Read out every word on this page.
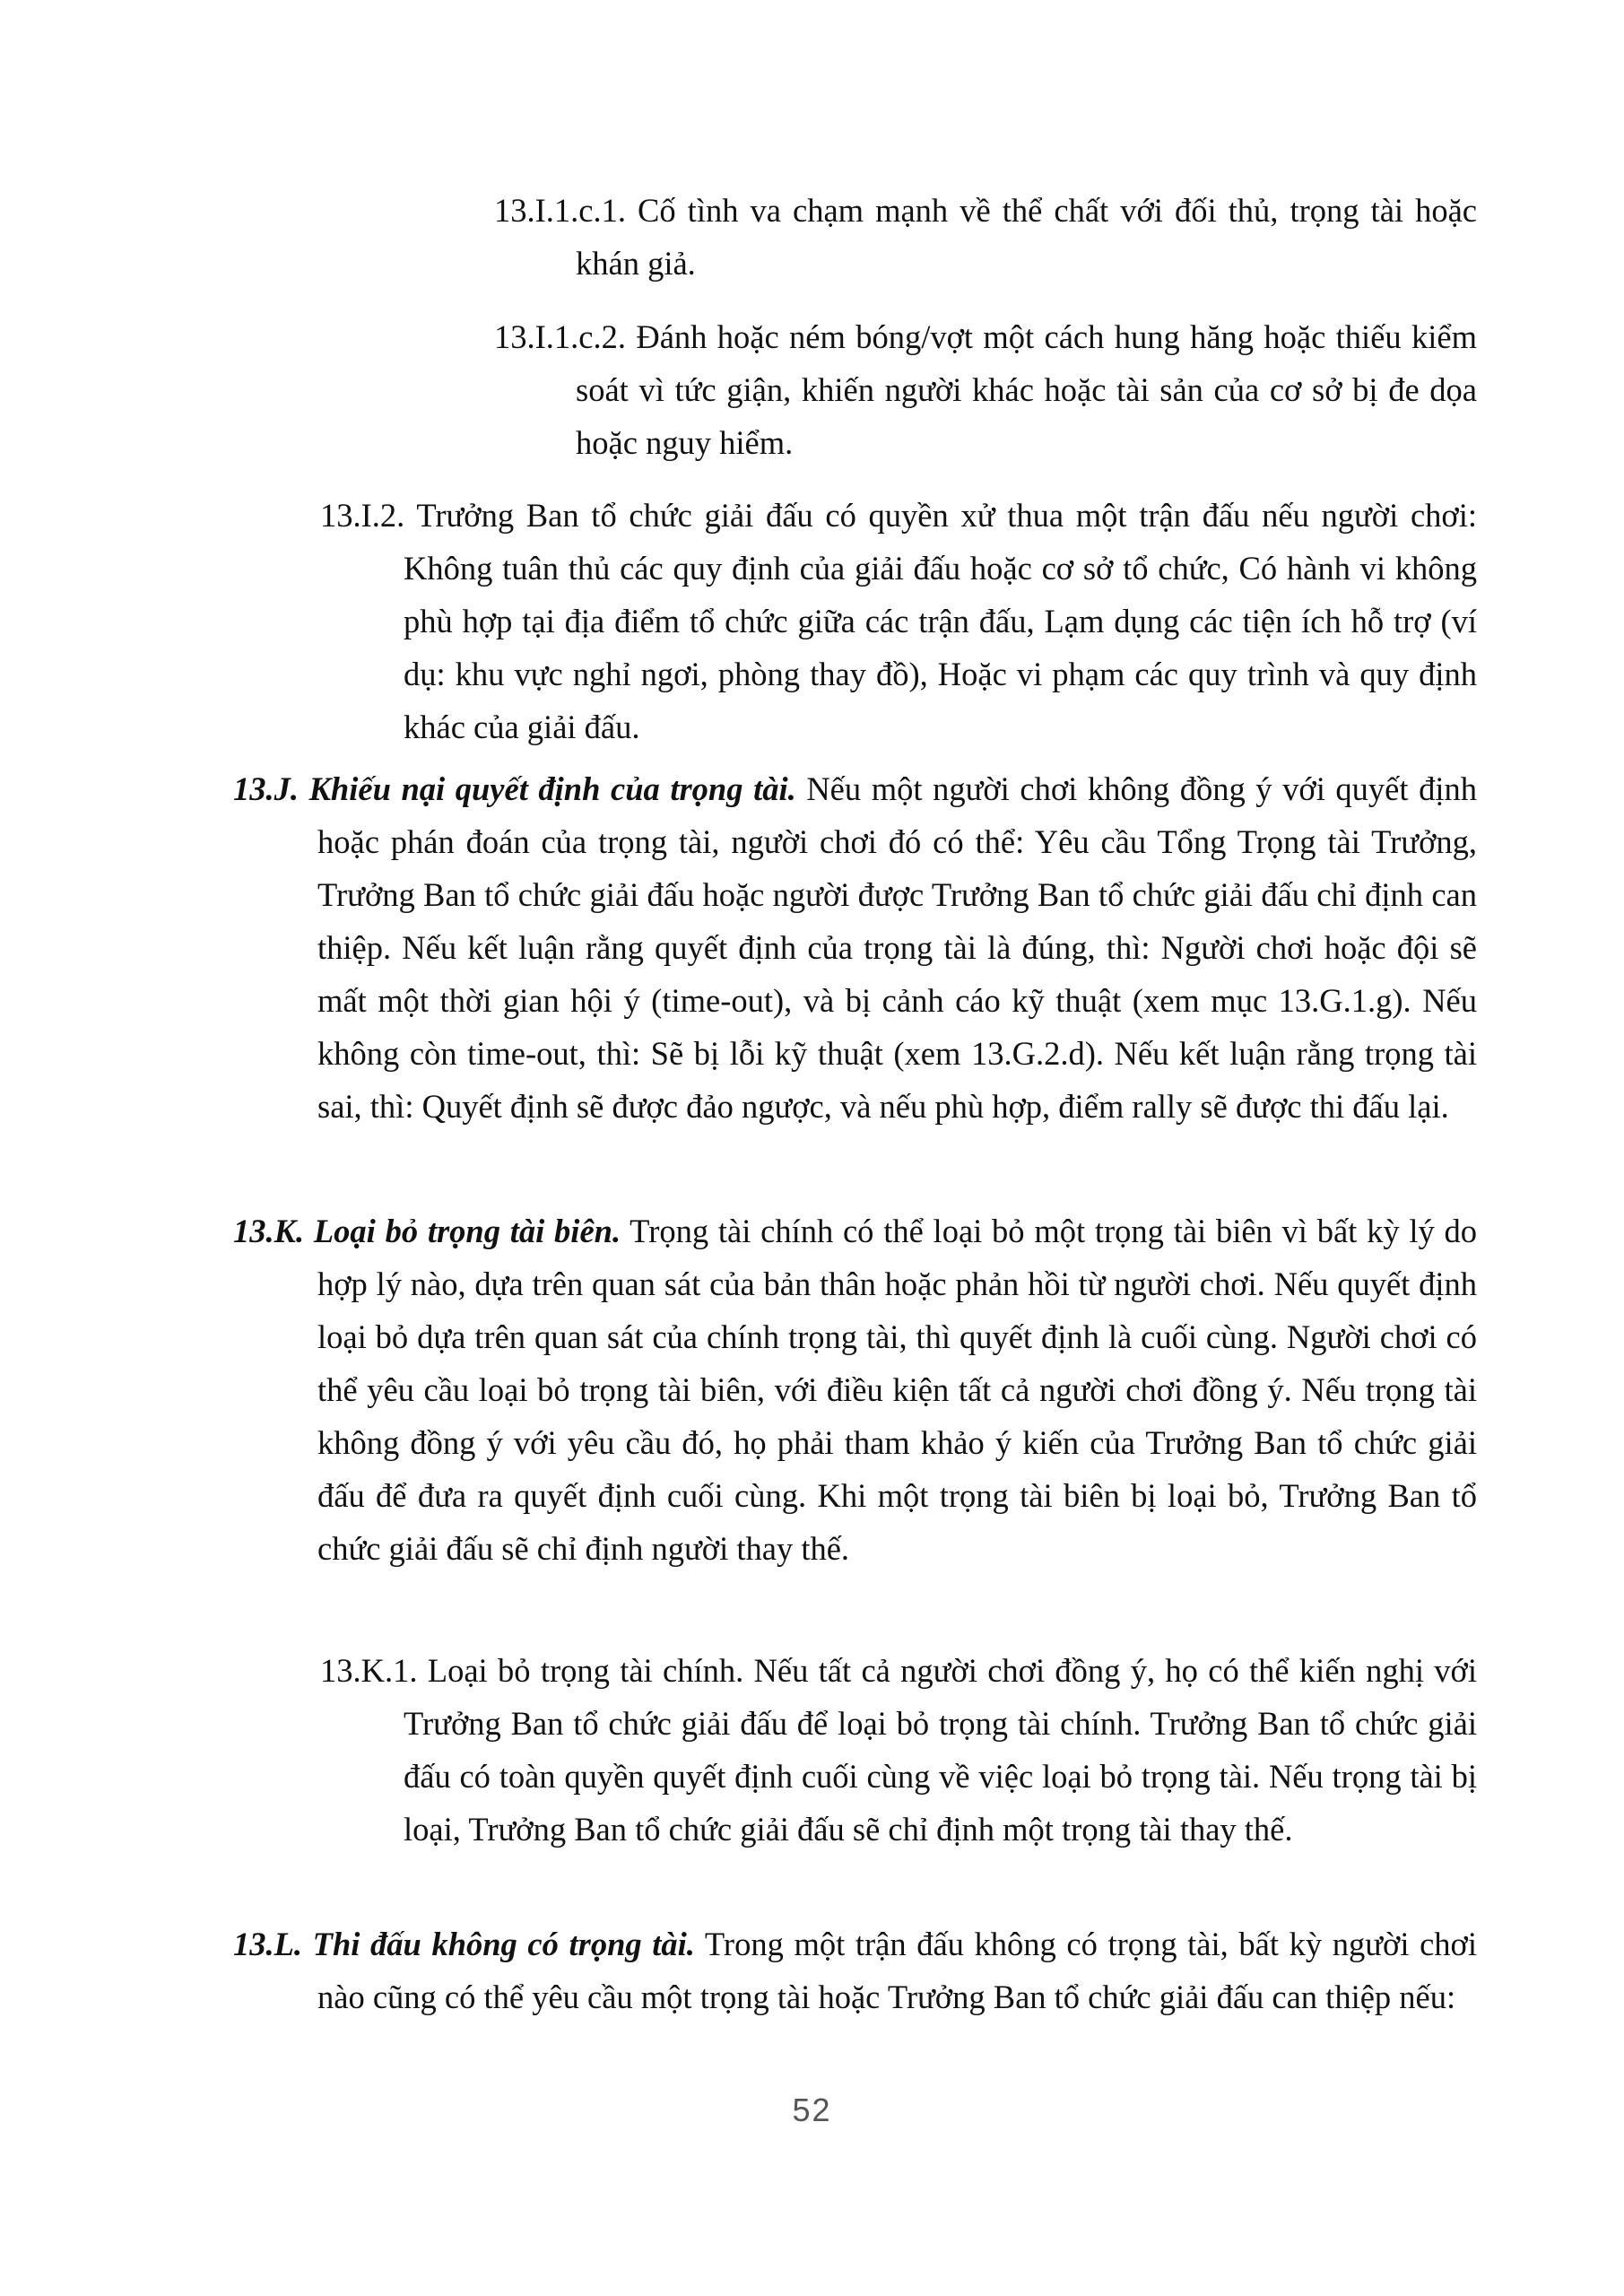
13.I.1.c.1. Cố tình va chạm mạnh về thể chất với đối thủ, trọng tài hoặc khán giả.

13.I.1.c.2. Đánh hoặc ném bóng/vợt một cách hung hăng hoặc thiếu kiểm soát vì tức giận, khiến người khác hoặc tài sản của cơ sở bị đe dọa hoặc nguy hiểm.

13.I.2. Trưởng Ban tổ chức giải đấu có quyền xử thua một trận đấu nếu người chơi: Không tuân thủ các quy định của giải đấu hoặc cơ sở tổ chức, Có hành vi không phù hợp tại địa điểm tổ chức giữa các trận đấu, Lạm dụng các tiện ích hỗ trợ (ví dụ: khu vực nghỉ ngơi, phòng thay đồ), Hoặc vi phạm các quy trình và quy định khác của giải đấu.

13.J. Khiếu nại quyết định của trọng tài. Nếu một người chơi không đồng ý với quyết định hoặc phán đoán của trọng tài, người chơi đó có thể: Yêu cầu Tổng Trọng tài Trưởng, Trưởng Ban tổ chức giải đấu hoặc người được Trưởng Ban tổ chức giải đấu chỉ định can thiệp. Nếu kết luận rằng quyết định của trọng tài là đúng, thì: Người chơi hoặc đội sẽ mất một thời gian hội ý (time-out), và bị cảnh cáo kỹ thuật (xem mục 13.G.1.g). Nếu không còn time-out, thì: Sẽ bị lỗi kỹ thuật (xem 13.G.2.d). Nếu kết luận rằng trọng tài sai, thì: Quyết định sẽ được đảo ngược, và nếu phù hợp, điểm rally sẽ được thi đấu lại.

13.K. Loại bỏ trọng tài biên. Trọng tài chính có thể loại bỏ một trọng tài biên vì bất kỳ lý do hợp lý nào, dựa trên quan sát của bản thân hoặc phản hồi từ người chơi. Nếu quyết định loại bỏ dựa trên quan sát của chính trọng tài, thì quyết định là cuối cùng. Người chơi có thể yêu cầu loại bỏ trọng tài biên, với điều kiện tất cả người chơi đồng ý. Nếu trọng tài không đồng ý với yêu cầu đó, họ phải tham khảo ý kiến của Trưởng Ban tổ chức giải đấu để đưa ra quyết định cuối cùng. Khi một trọng tài biên bị loại bỏ, Trưởng Ban tổ chức giải đấu sẽ chỉ định người thay thế.

13.K.1. Loại bỏ trọng tài chính. Nếu tất cả người chơi đồng ý, họ có thể kiến nghị với Trưởng Ban tổ chức giải đấu để loại bỏ trọng tài chính. Trưởng Ban tổ chức giải đấu có toàn quyền quyết định cuối cùng về việc loại bỏ trọng tài. Nếu trọng tài bị loại, Trưởng Ban tổ chức giải đấu sẽ chỉ định một trọng tài thay thế.

13.L. Thi đấu không có trọng tài. Trong một trận đấu không có trọng tài, bất kỳ người chơi nào cũng có thể yêu cầu một trọng tài hoặc Trưởng Ban tổ chức giải đấu can thiệp nếu:

52
